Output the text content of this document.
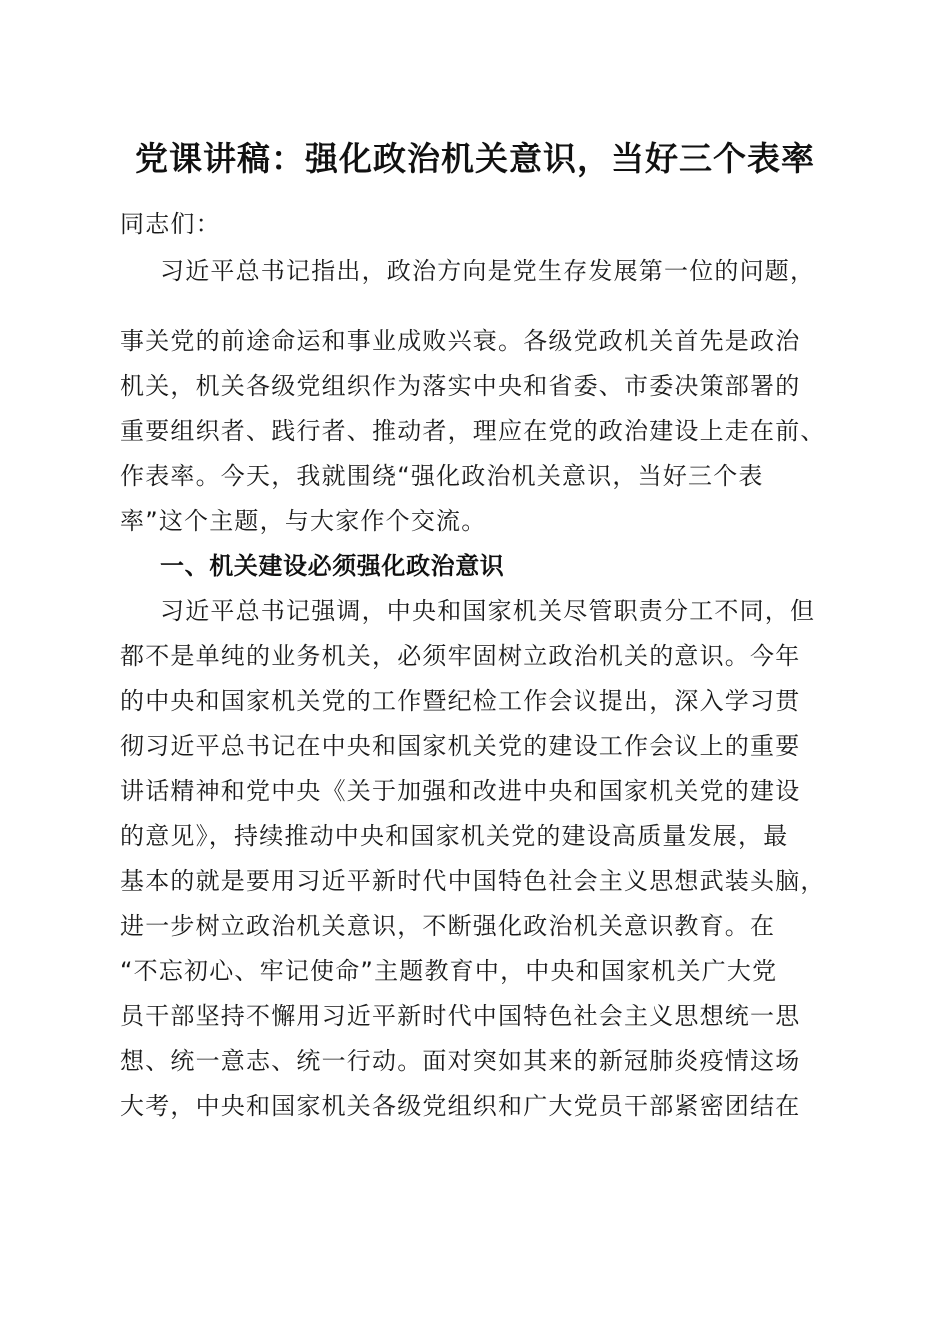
党课讲稿：强化政治机关意识，当好三个表率
同志们：
习近平总书记指出，政治方向是党生存发展第一位的问题，
事关党的前途命运和事业成败兴衰。各级党政机关首先是政治
机关，机关各级党组织作为落实中央和省委、市委决策部署的
重要组织者、践行者、推动者，理应在党的政治建设上走在前、
作表率。今天，我就围绕“强化政治机关意识，当好三个表
率”这个主题，与大家作个交流。
一、机关建设必须强化政治意识
习近平总书记强调，中央和国家机关尽管职责分工不同，但
都不是单纯的业务机关，必须牢固树立政治机关的意识。今年
的中央和国家机关党的工作暨纪检工作会议提出，深入学习贯
彻习近平总书记在中央和国家机关党的建设工作会议上的重要
讲话精神和党中央《关于加强和改进中央和国家机关党的建设
的意见》，持续推动中央和国家机关党的建设高质量发展，最
基本的就是要用习近平新时代中国特色社会主义思想武装头脑，
进一步树立政治机关意识，不断强化政治机关意识教育。在
“不忘初心、牢记使命”主题教育中，中央和国家机关广大党
员干部坚持不懈用习近平新时代中国特色社会主义思想统一思
想、统一意志、统一行动。面对突如其来的新冠肺炎疫情这场
大考，中央和国家机关各级党组织和广大党员干部紧密团结在
